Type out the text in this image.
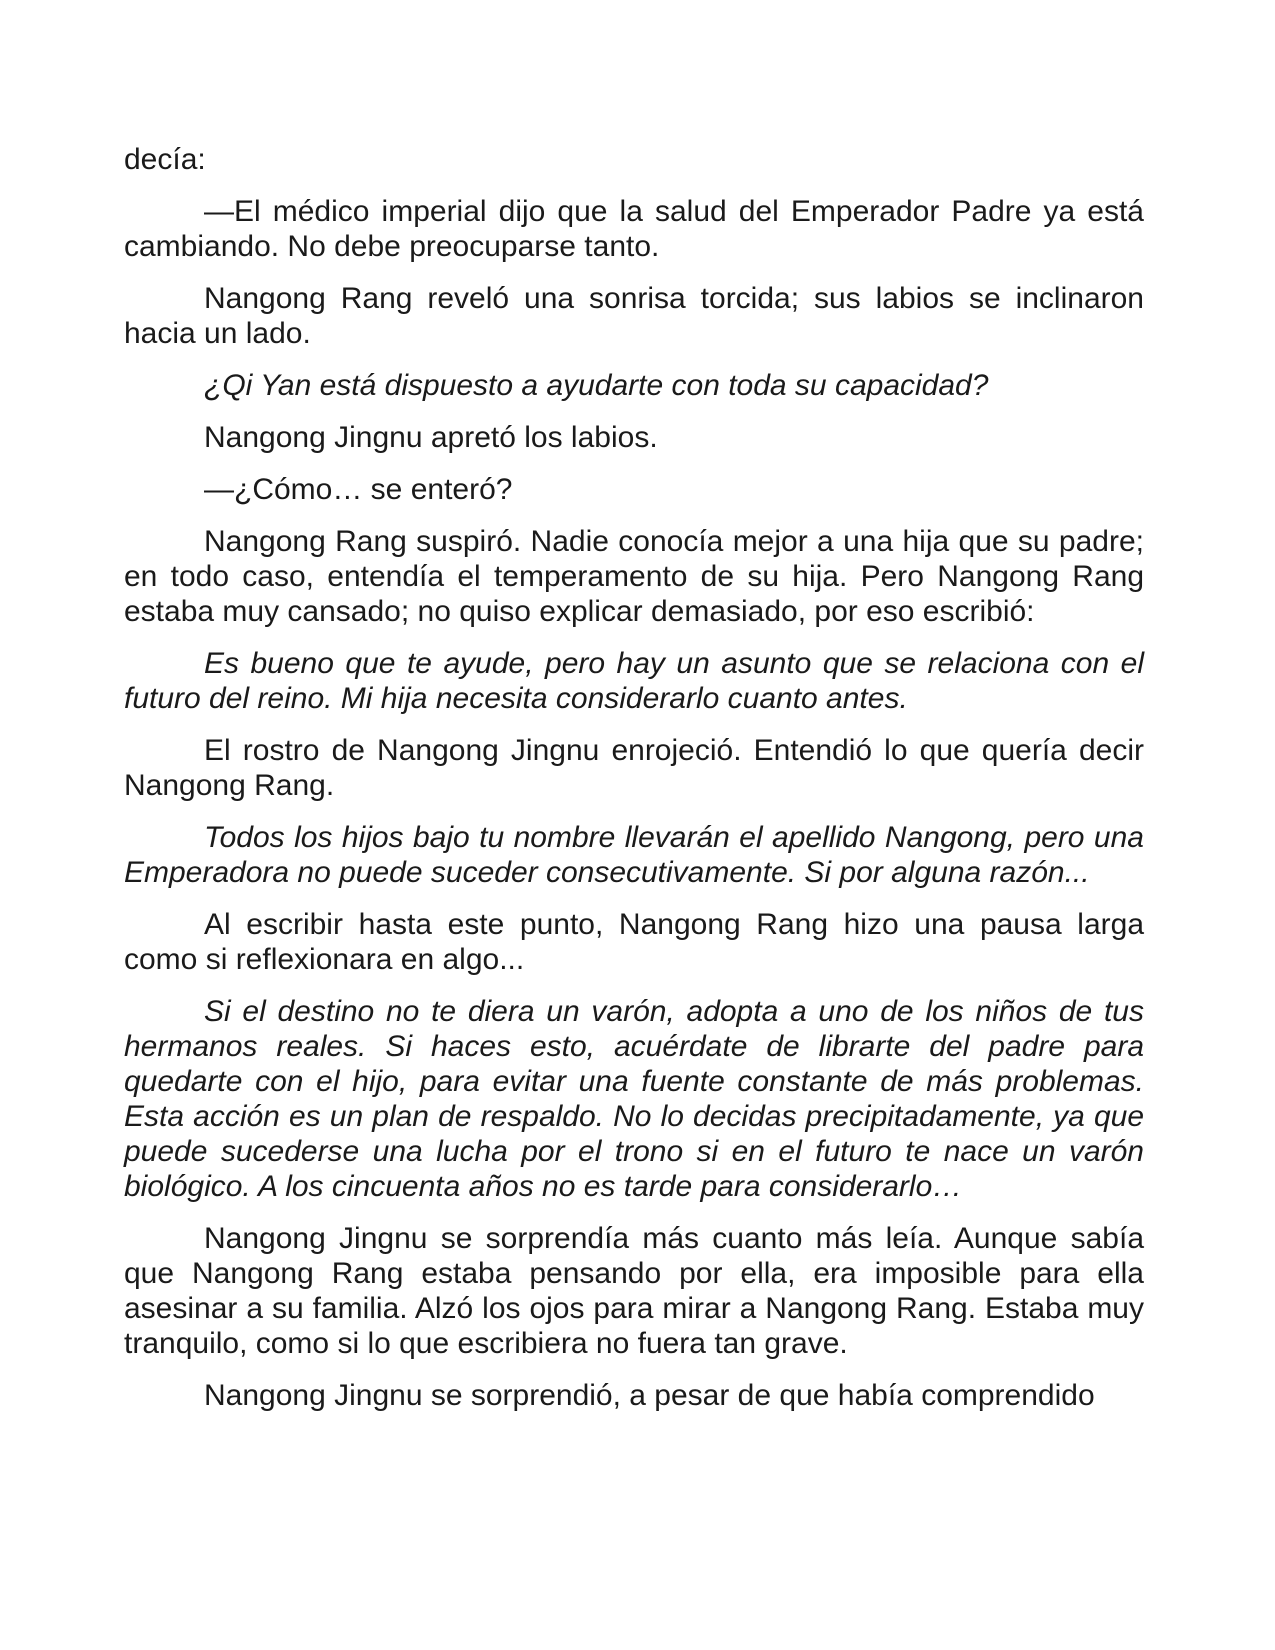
decía:

—El médico imperial dijo que la salud del Emperador Padre ya está cambiando. No debe preocuparse tanto.

Nangong Rang reveló una sonrisa torcida; sus labios se inclinaron hacia un lado.

¿Qi Yan está dispuesto a ayudarte con toda su capacidad?

Nangong Jingnu apretó los labios.

—¿Cómo… se enteró?

Nangong Rang suspiró. Nadie conocía mejor a una hija que su padre; en todo caso, entendía el temperamento de su hija. Pero Nangong Rang estaba muy cansado; no quiso explicar demasiado, por eso escribió:

Es bueno que te ayude, pero hay un asunto que se relaciona con el futuro del reino. Mi hija necesita considerarlo cuanto antes.

El rostro de Nangong Jingnu enrojeció. Entendió lo que quería decir Nangong Rang.

Todos los hijos bajo tu nombre llevarán el apellido Nangong, pero una Emperadora no puede suceder consecutivamente. Si por alguna razón...

Al escribir hasta este punto, Nangong Rang hizo una pausa larga como si reflexionara en algo...

Si el destino no te diera un varón, adopta a uno de los niños de tus hermanos reales. Si haces esto, acuérdate de librarte del padre para quedarte con el hijo, para evitar una fuente constante de más problemas. Esta acción es un plan de respaldo. No lo decidas precipitadamente, ya que puede sucederse una lucha por el trono si en el futuro te nace un varón biológico. A los cincuenta años no es tarde para considerarlo…

Nangong Jingnu se sorprendía más cuanto más leía. Aunque sabía que Nangong Rang estaba pensando por ella, era imposible para ella asesinar a su familia. Alzó los ojos para mirar a Nangong Rang. Estaba muy tranquilo, como si lo que escribiera no fuera tan grave.

Nangong Jingnu se sorprendió, a pesar de que había comprendido
